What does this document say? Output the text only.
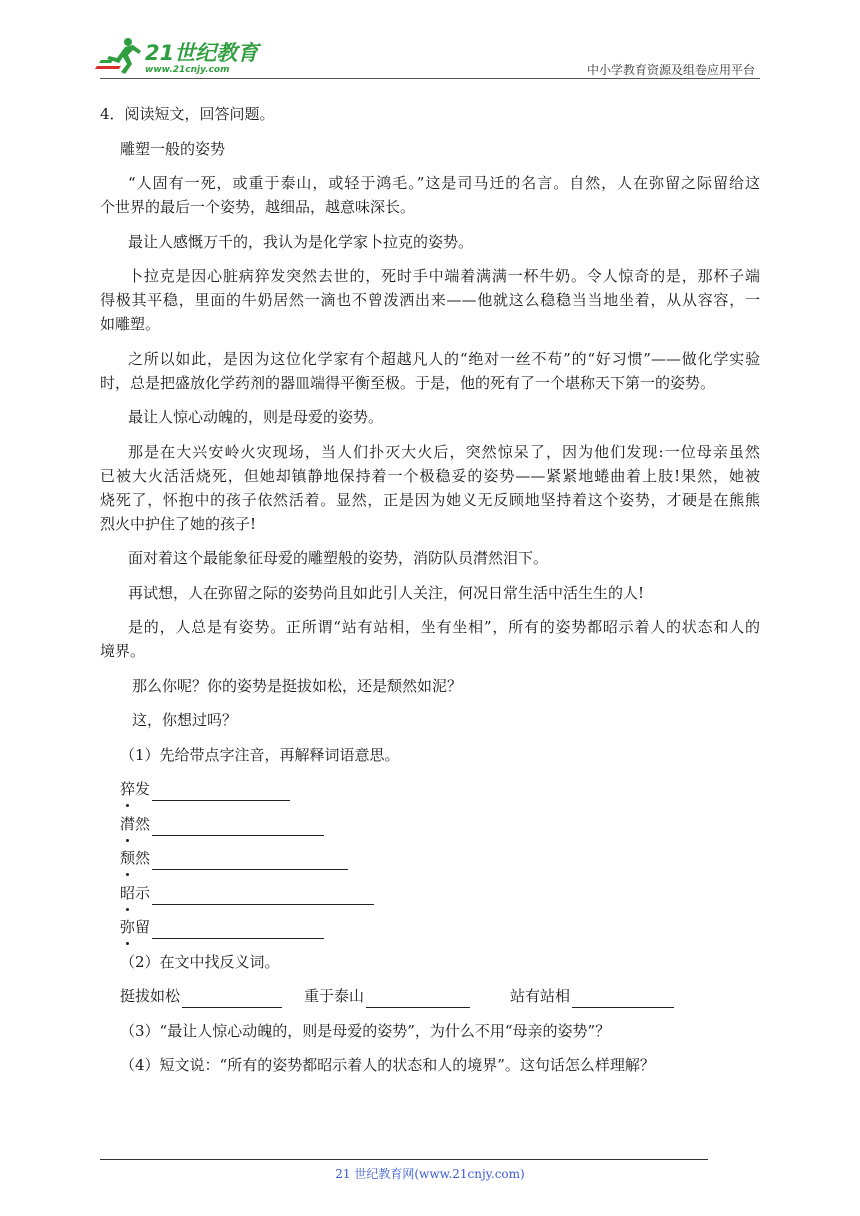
21世纪教育
www.21cnjy.com	中小学教育资源及组卷应用平台
4．阅读短文，回答问题。
雕塑一般的姿势
“人固有一死，或重于泰山，或轻于鸿毛。”这是司马迁的名言。自然，人在弥留之际留给这
个世界的最后一个姿势，越细品，越意味深长。
最让人感慨万千的，我认为是化学家卜拉克的姿势。
卜拉克是因心脏病猝发突然去世的，死时手中端着满满一杯牛奶。令人惊奇的是，那杯子端
得极其平稳，里面的牛奶居然一滴也不曾泼洒出来——他就这么稳稳当当地坐着，从从容容，一
如雕塑。
之所以如此，是因为这位化学家有个超越凡人的“绝对一丝不苟”的“好习惯”——做化学实验
时，总是把盛放化学药剂的器皿端得平衡至极。于是，他的死有了一个堪称天下第一的姿势。
最让人惊心动魄的，则是母爱的姿势。
那是在大兴安岭火灾现场，当人们扑灭大火后，突然惊呆了，因为他们发现:一位母亲虽然
已被大火活活烧死，但她却镇静地保持着一个极稳妥的姿势——紧紧地蜷曲着上肢!果然，她被
烧死了，怀抱中的孩子依然活着。显然，正是因为她义无反顾地坚持着这个姿势，才硬是在熊熊
烈火中护住了她的孩子!
面对着这个最能象征母爱的雕塑般的姿势，消防队员潸然泪下。
再试想，人在弥留之际的姿势尚且如此引人关注，何况日常生活中活生生的人!
是的，人总是有姿势。正所谓“站有站相，坐有坐相”，所有的姿势都昭示着人的状态和人的
境界。
那么你呢？你的姿势是挺拔如松，还是颓然如泥？
这，你想过吗？
（1）先给带点字注音，再解释词语意思。
猝 发
潸 然
颓 然
昭 示
弥 留
（2）在文中找反义词。
挺拔如松	重于泰山	站有站相
（3）“最让人惊心动魄的，则是母爱的姿势”，为什么不用“母亲的姿势”？
（4）短文说：“所有的姿势都昭示着人的状态和人的境界”。这句话怎么样理解？
21 世纪教育网(www.21cnjy.com)
